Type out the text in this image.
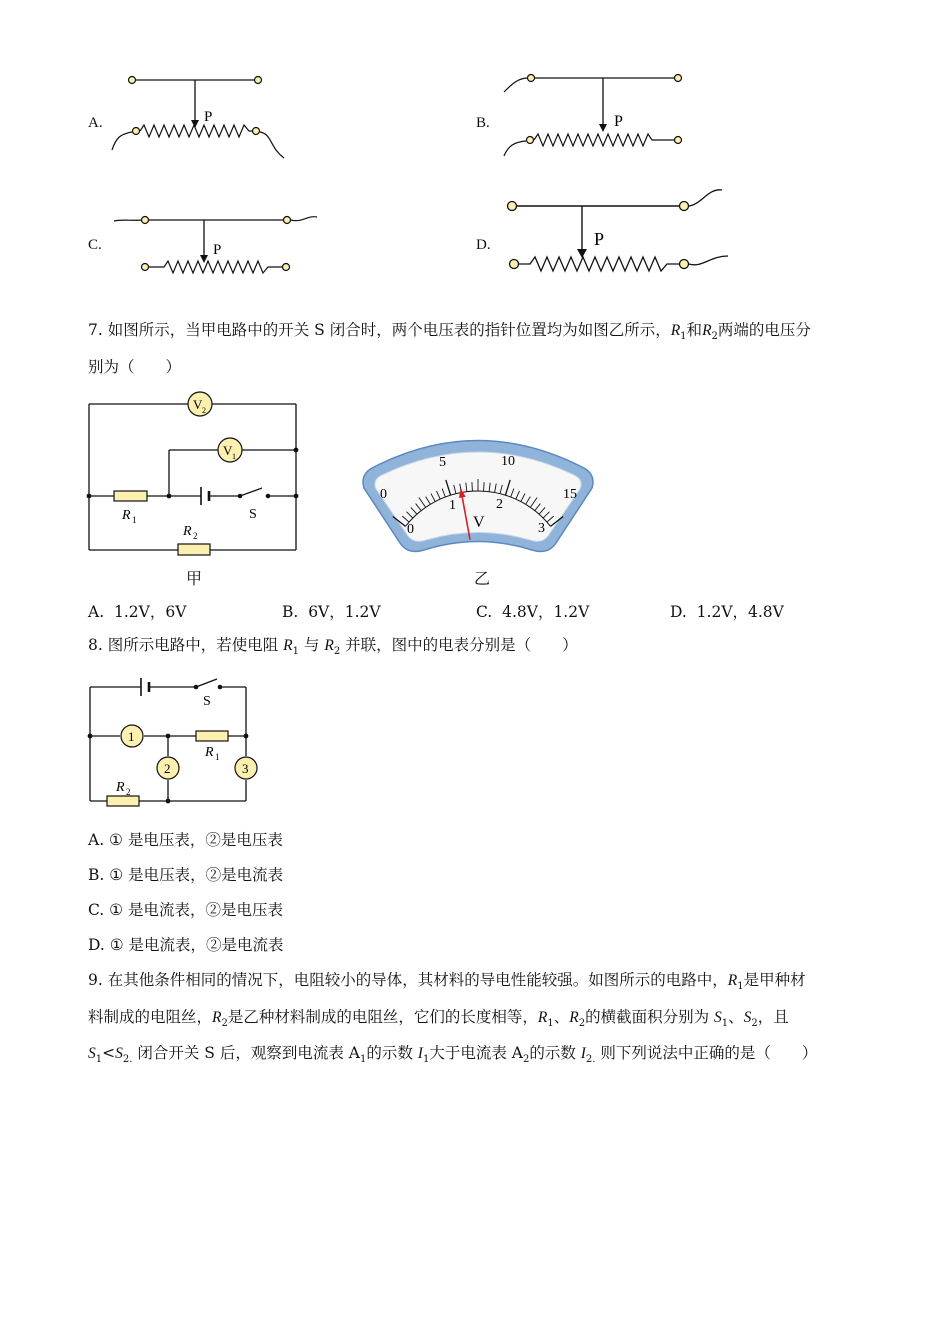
A.	P	B.	P
C.	P	D.	P
7. 如图所示，当甲电路中的开关 S 闭合时，两个电压表的指针位置均为如图乙所示，$R_1$和$R_2$两端的电压分
别为（　　）
V 2
V 1
R 1
R 2
S
甲
0
5	10
15
0
1	2
3
V
乙
A. 1.2V，6V	B. 6V，1.2V	C. 4.8V，1.2V	D. 1.2V，4.8V
8. 图所示电路中，若使电阻 $R_1$ 与 $R_2$ 并联，图中的电表分别是（　　）
1
2	3
S
R 1
R 2
A. ① 是电压表，②是电压表
B. ① 是电压表，②是电流表
C. ① 是电流表，②是电压表
D. ① 是电流表，②是电流表
9. 在其他条件相同的情况下，电阻较小的导体，其材料的导电性能较强。如图所示的电路中，$R_1$是甲种材
料制成的电阻丝，$R_2$是乙种材料制成的电阻丝，它们的长度相等，$R_1$、$R_2$的横截面积分别为 $S_1$、$S_2$，且
$S_1<S_{2.}$ 闭合开关 S 后，观察到电流表 $A_1$的示数 $I_1$大于电流表 $A_2$的示数 $I_{2.}$ 则下列说法中正确的是（　　）
